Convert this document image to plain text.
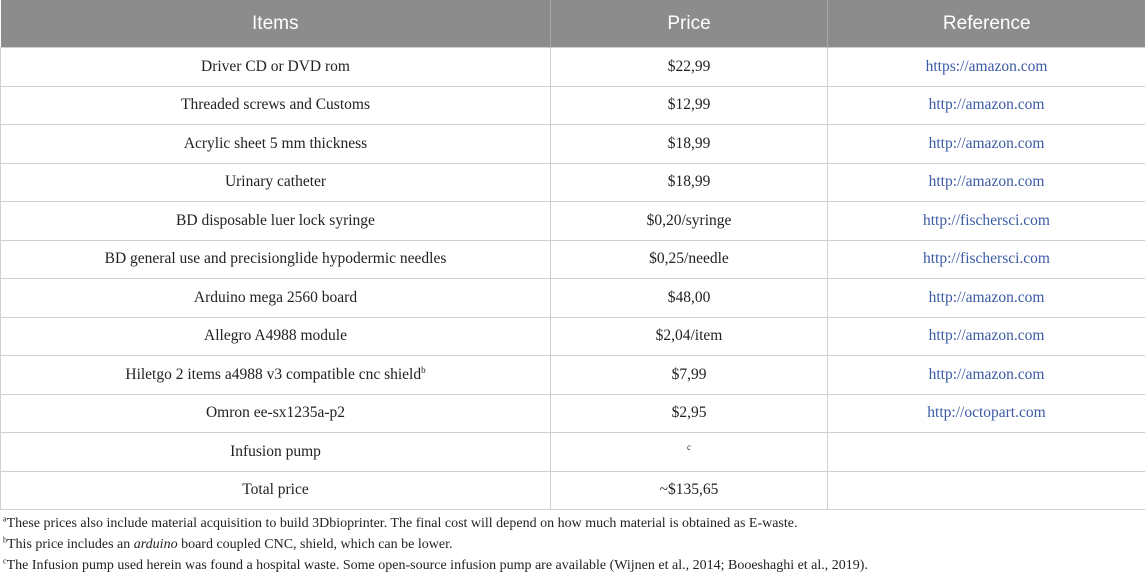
Items	Price	Reference
Driver CD or DVD rom	$22,99	https://amazon.com
Threaded screws and Customs	$12,99	http://amazon.com
Acrylic sheet 5 mm thickness	$18,99	http://amazon.com
Urinary catheter	$18,99	http://amazon.com
BD disposable luer lock syringe	$0,20/syringe	http://fischersci.com
BD general use and precisionglide hypodermic needles	$0,25/needle	http://fischersci.com
Arduino mega 2560 board	$48,00	http://amazon.com
Allegro A4988 module	$2,04/item	http://amazon.com
Hiletgo 2 items a4988 v3 compatible cnc shield$^b$	$7,99	http://amazon.com
Omron ee-sx1235a-p2	$2,95	http://octopart.com
Infusion pump	$^c$	
Total price	~$135,65	
$^a$These prices also include material acquisition to build 3Dbioprinter. The final cost will depend on how much material is obtained as E-waste.
$^b$This price includes an arduino board coupled CNC, shield, which can be lower.
$^c$The Infusion pump used herein was found a hospital waste. Some open-source infusion pump are available (Wijnen et al., 2014; Booeshaghi et al., 2019).
